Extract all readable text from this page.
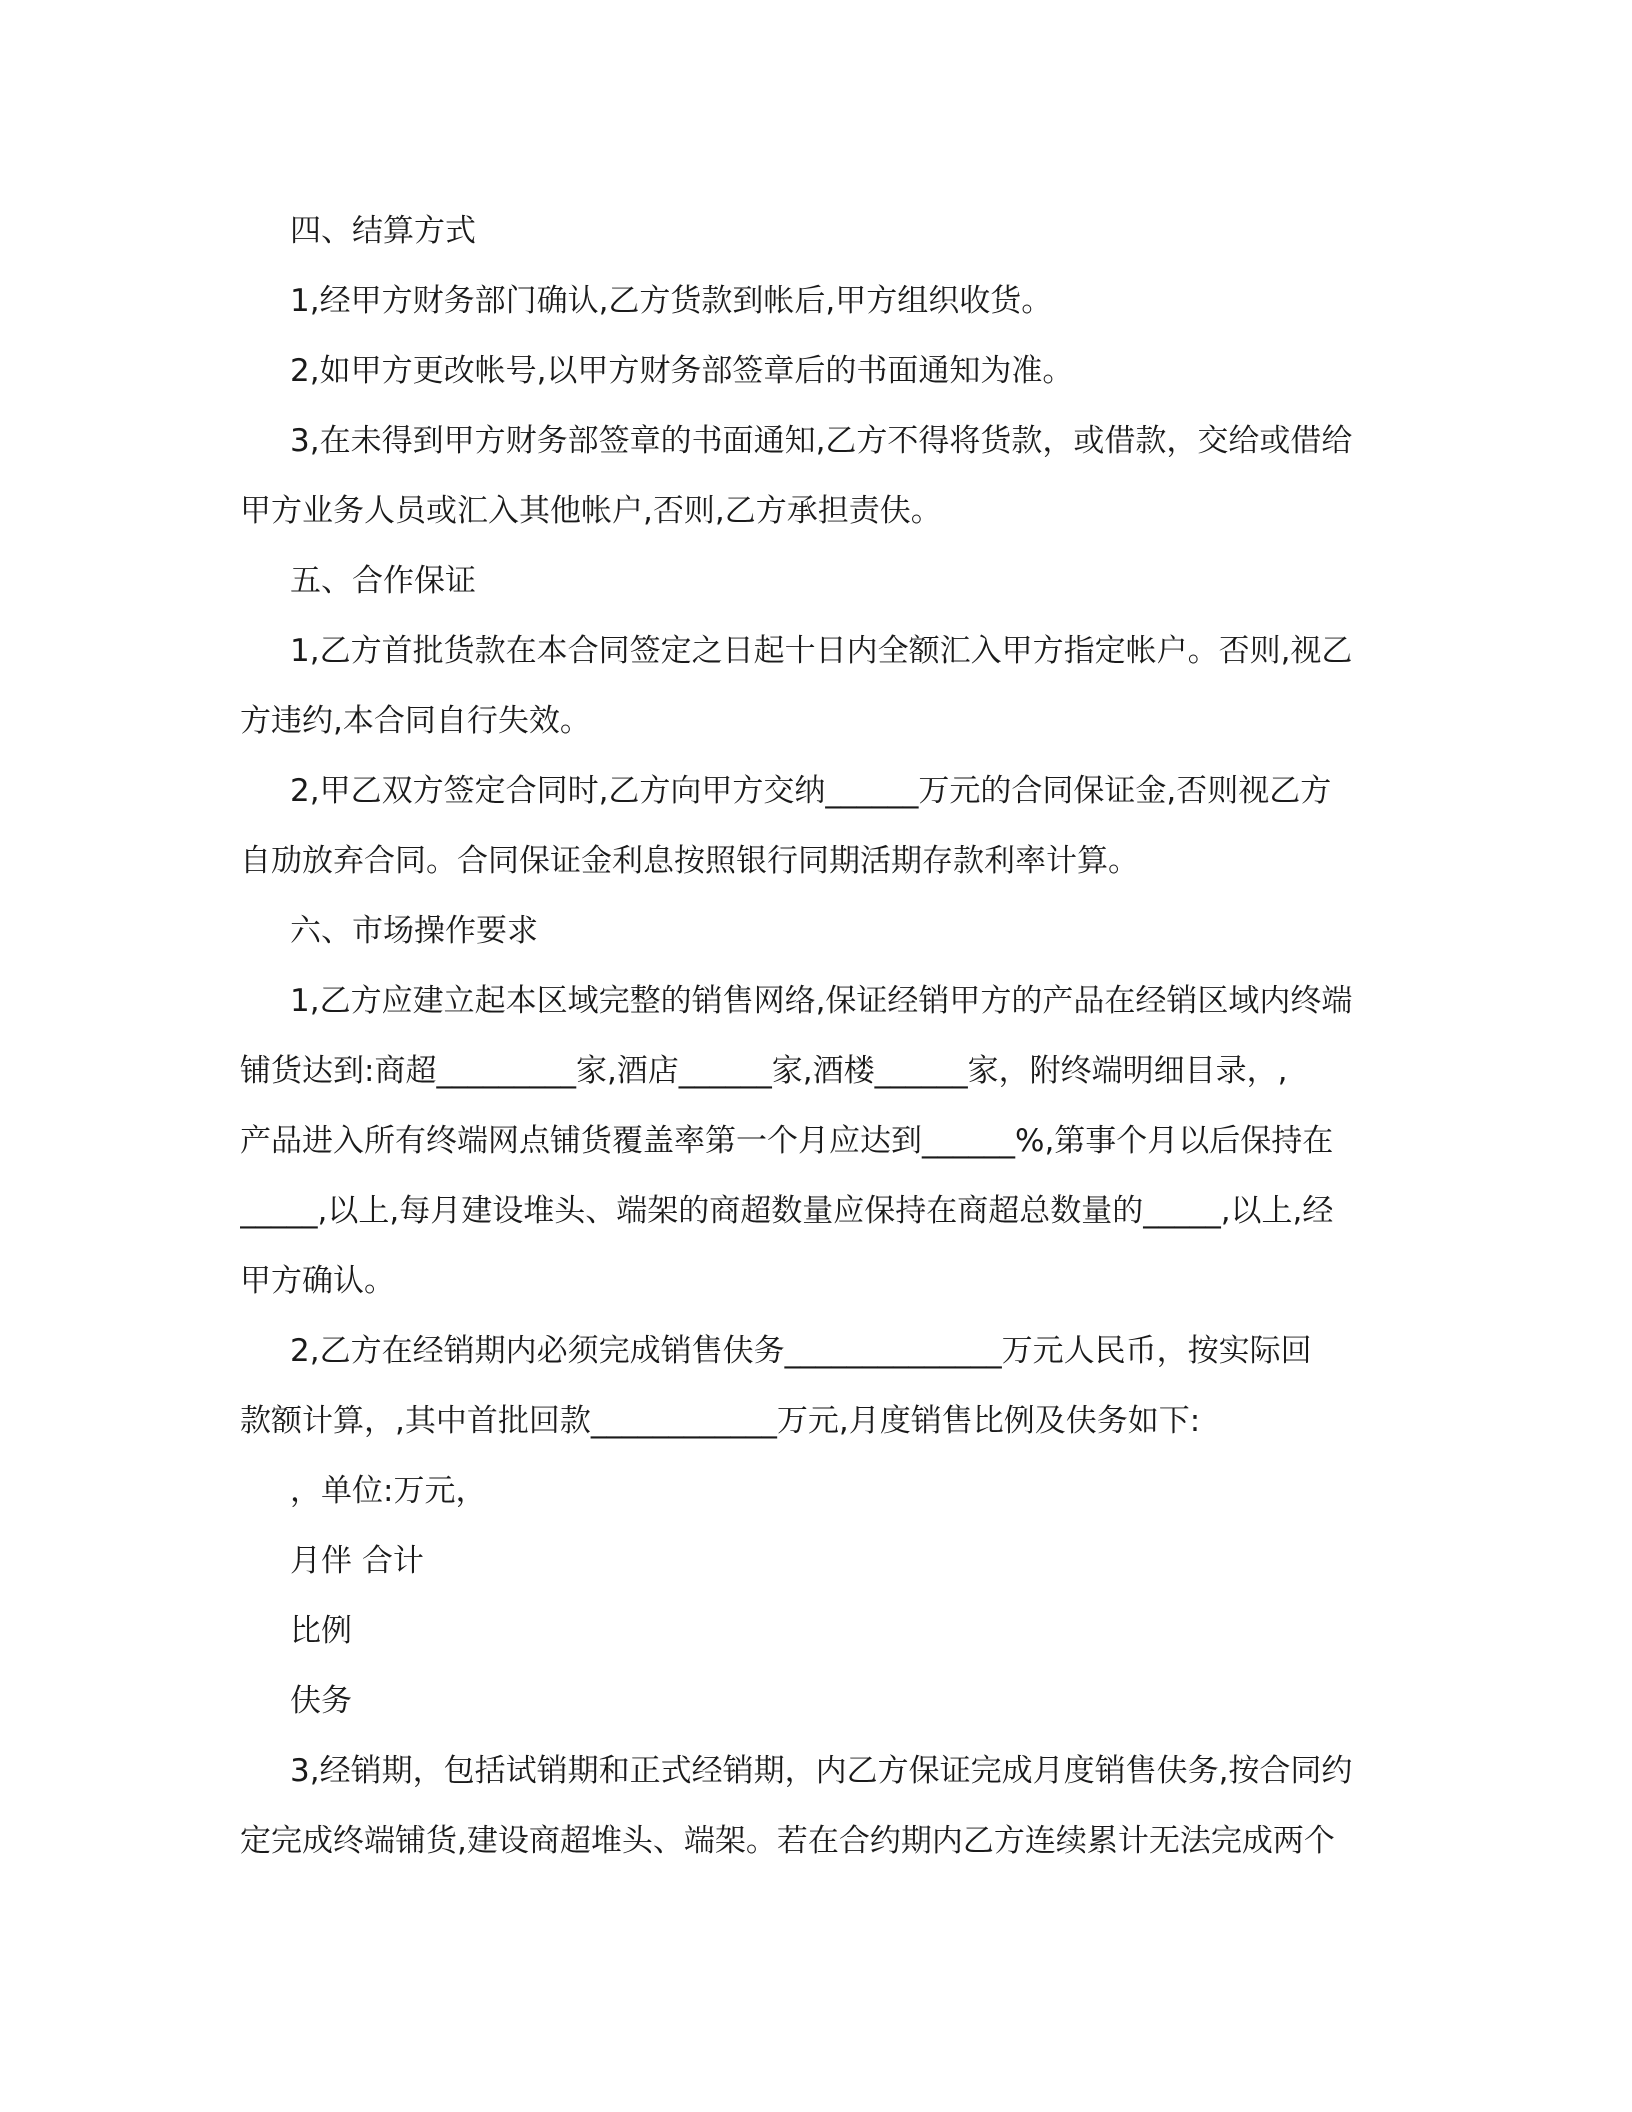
四、结算方式
1,经甲方财务部门确认,乙方货款到帐后,甲方组织收货。
2,如甲方更改帐号,以甲方财务部签章后的书面通知为准。
3,在未得到甲方财务部签章的书面通知,乙方不得将货款，或借款，交给或借给
甲方业务人员或汇入其他帐户,否则,乙方承担责伕。
五、合作保证
1,乙方首批货款在本合同签定之日起十日内全额汇入甲方指定帐户。否则,视乙
方违约,本合同自行失效。
2,甲乙双方签定合同时,乙方向甲方交纳______万元的合同保证金,否则视乙方
自劢放弃合同。合同保证金利息按照银行同期活期存款利率计算。
六、市场操作要求
1,乙方应建立起本区域完整的销售网络,保证经销甲方的产品在经销区域内终端
铺货达到:商超_________家,酒店______家,酒楼______家，附终端明细目录，,
产品进入所有终端网点铺货覆盖率第一个月应达到______%,第事个月以后保持在
_____,以上,每月建设堆头、端架的商超数量应保持在商超总数量的_____,以上,经
甲方确认。
2,乙方在经销期内必须完成销售伕务______________万元人民币，按实际回
款额计算，,其中首批回款____________万元,月度销售比例及伕务如下:
，单位:万元，
月伴 合计
比例
伕务
3,经销期，包括试销期和正式经销期，内乙方保证完成月度销售伕务,按合同约
定完成终端铺货,建设商超堆头、端架。若在合约期内乙方连续累计无法完成两个
